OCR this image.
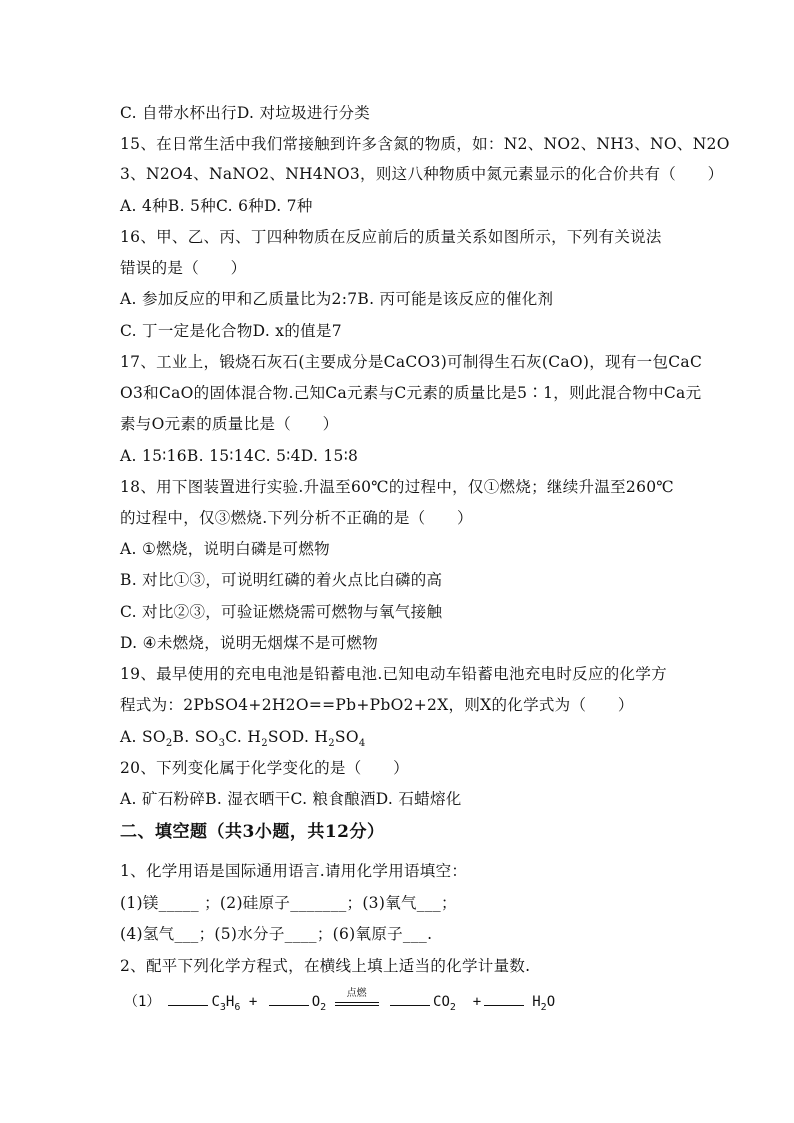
C. 自带水杯出行D. 对垃圾进行分类
15、在日常生活中我们常接触到许多含氮的物质，如：N2、NO2、NH3、NO、N2O
3、N2O4、NaNO2、NH4NO3，则这八种物质中氮元素显示的化合价共有（　　）
A. 4种B. 5种C. 6种D. 7种
16、甲、乙、丙、丁四种物质在反应前后的质量关系如图所示，下列有关说法
错误的是（　　）
A. 参加反应的甲和乙质量比为2:7B. 丙可能是该反应的催化剂
C. 丁一定是化合物D. x的值是7
17、工业上，锻烧石灰石(主要成分是CaCO3)可制得生石灰(CaO)，现有一包CaC
O3和CaO的固体混合物.己知Ca元素与C元素的质量比是5∶1，则此混合物中Ca元
素与O元素的质量比是（　　）
A. 15∶16B. 15∶14C. 5∶4D. 15∶8
18、用下图装置进行实验.升温至60℃的过程中，仅①燃烧；继续升温至260℃
的过程中，仅③燃烧.下列分析不正确的是（　　）
A. ①燃烧，说明白磷是可燃物
B. 对比①③，可说明红磷的着火点比白磷的高
C. 对比②③，可验证燃烧需可燃物与氧气接触
D. ④未燃烧，说明无烟煤不是可燃物
19、最早使用的充电电池是铅蓄电池.已知电动车铅蓄电池充电时反应的化学方
程式为：2PbSO4+2H2O==Pb+PbO2+2X，则X的化学式为（　　）
A. $SO_2B$. $SO_3C$. $H_2SOD$. $H_2SO_4$
20、下列变化属于化学变化的是（　　）
A. 矿石粉碎B. 湿衣晒干C. 粮食酿酒D. 石蜡熔化
二、填空题（共3小题，共12分）
1、化学用语是国际通用语言.请用化学用语填空：
(1)镁_____ ；(2)硅原子_______；(3)氧气___；
(4)氢气___；(5)水分子____；(6)氧原子___.
2、配平下列化学方程式，在横线上填上适当的化学计量数.
（1）	$C_3H_6$ +	$O_2$
点燃
$CO_2$ +	$H_2O$
